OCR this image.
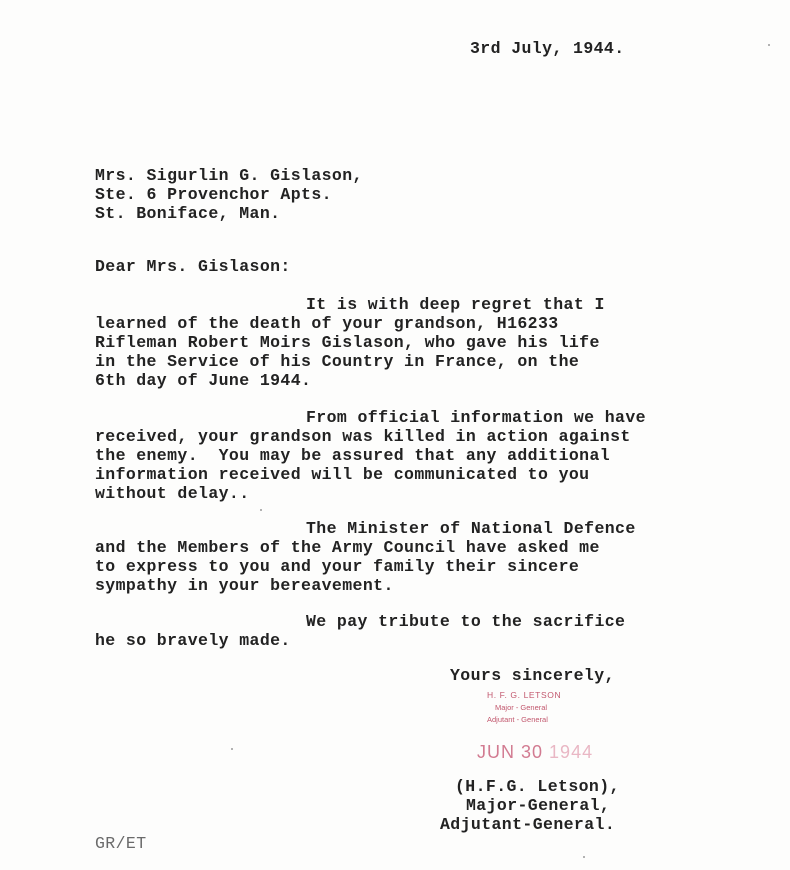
3rd July, 1944.
Mrs. Sigurlin G. Gislason,
Ste. 6 Provenchor Apts.
St. Boniface, Man.
Dear Mrs. Gislason:
It is with deep regret that I
learned of the death of your grandson, H16233
Rifleman Robert Moirs Gislason, who gave his life
in the Service of his Country in France, on the
6th day of June 1944.
From official information we have
received, your grandson was killed in action against
the enemy.  You may be assured that any additional
information received will be communicated to you
without delay..
The Minister of National Defence
and the Members of the Army Council have asked me
to express to you and your family their sincere
sympathy in your bereavement.
We pay tribute to the sacrifice
he so bravely made.
Yours sincerely,
H. F. G. LETSON
Major - General
Adjutant - General
JUN 30 1944
(H.F.G. Letson),
Major-General,
Adjutant-General.
GR/ET
